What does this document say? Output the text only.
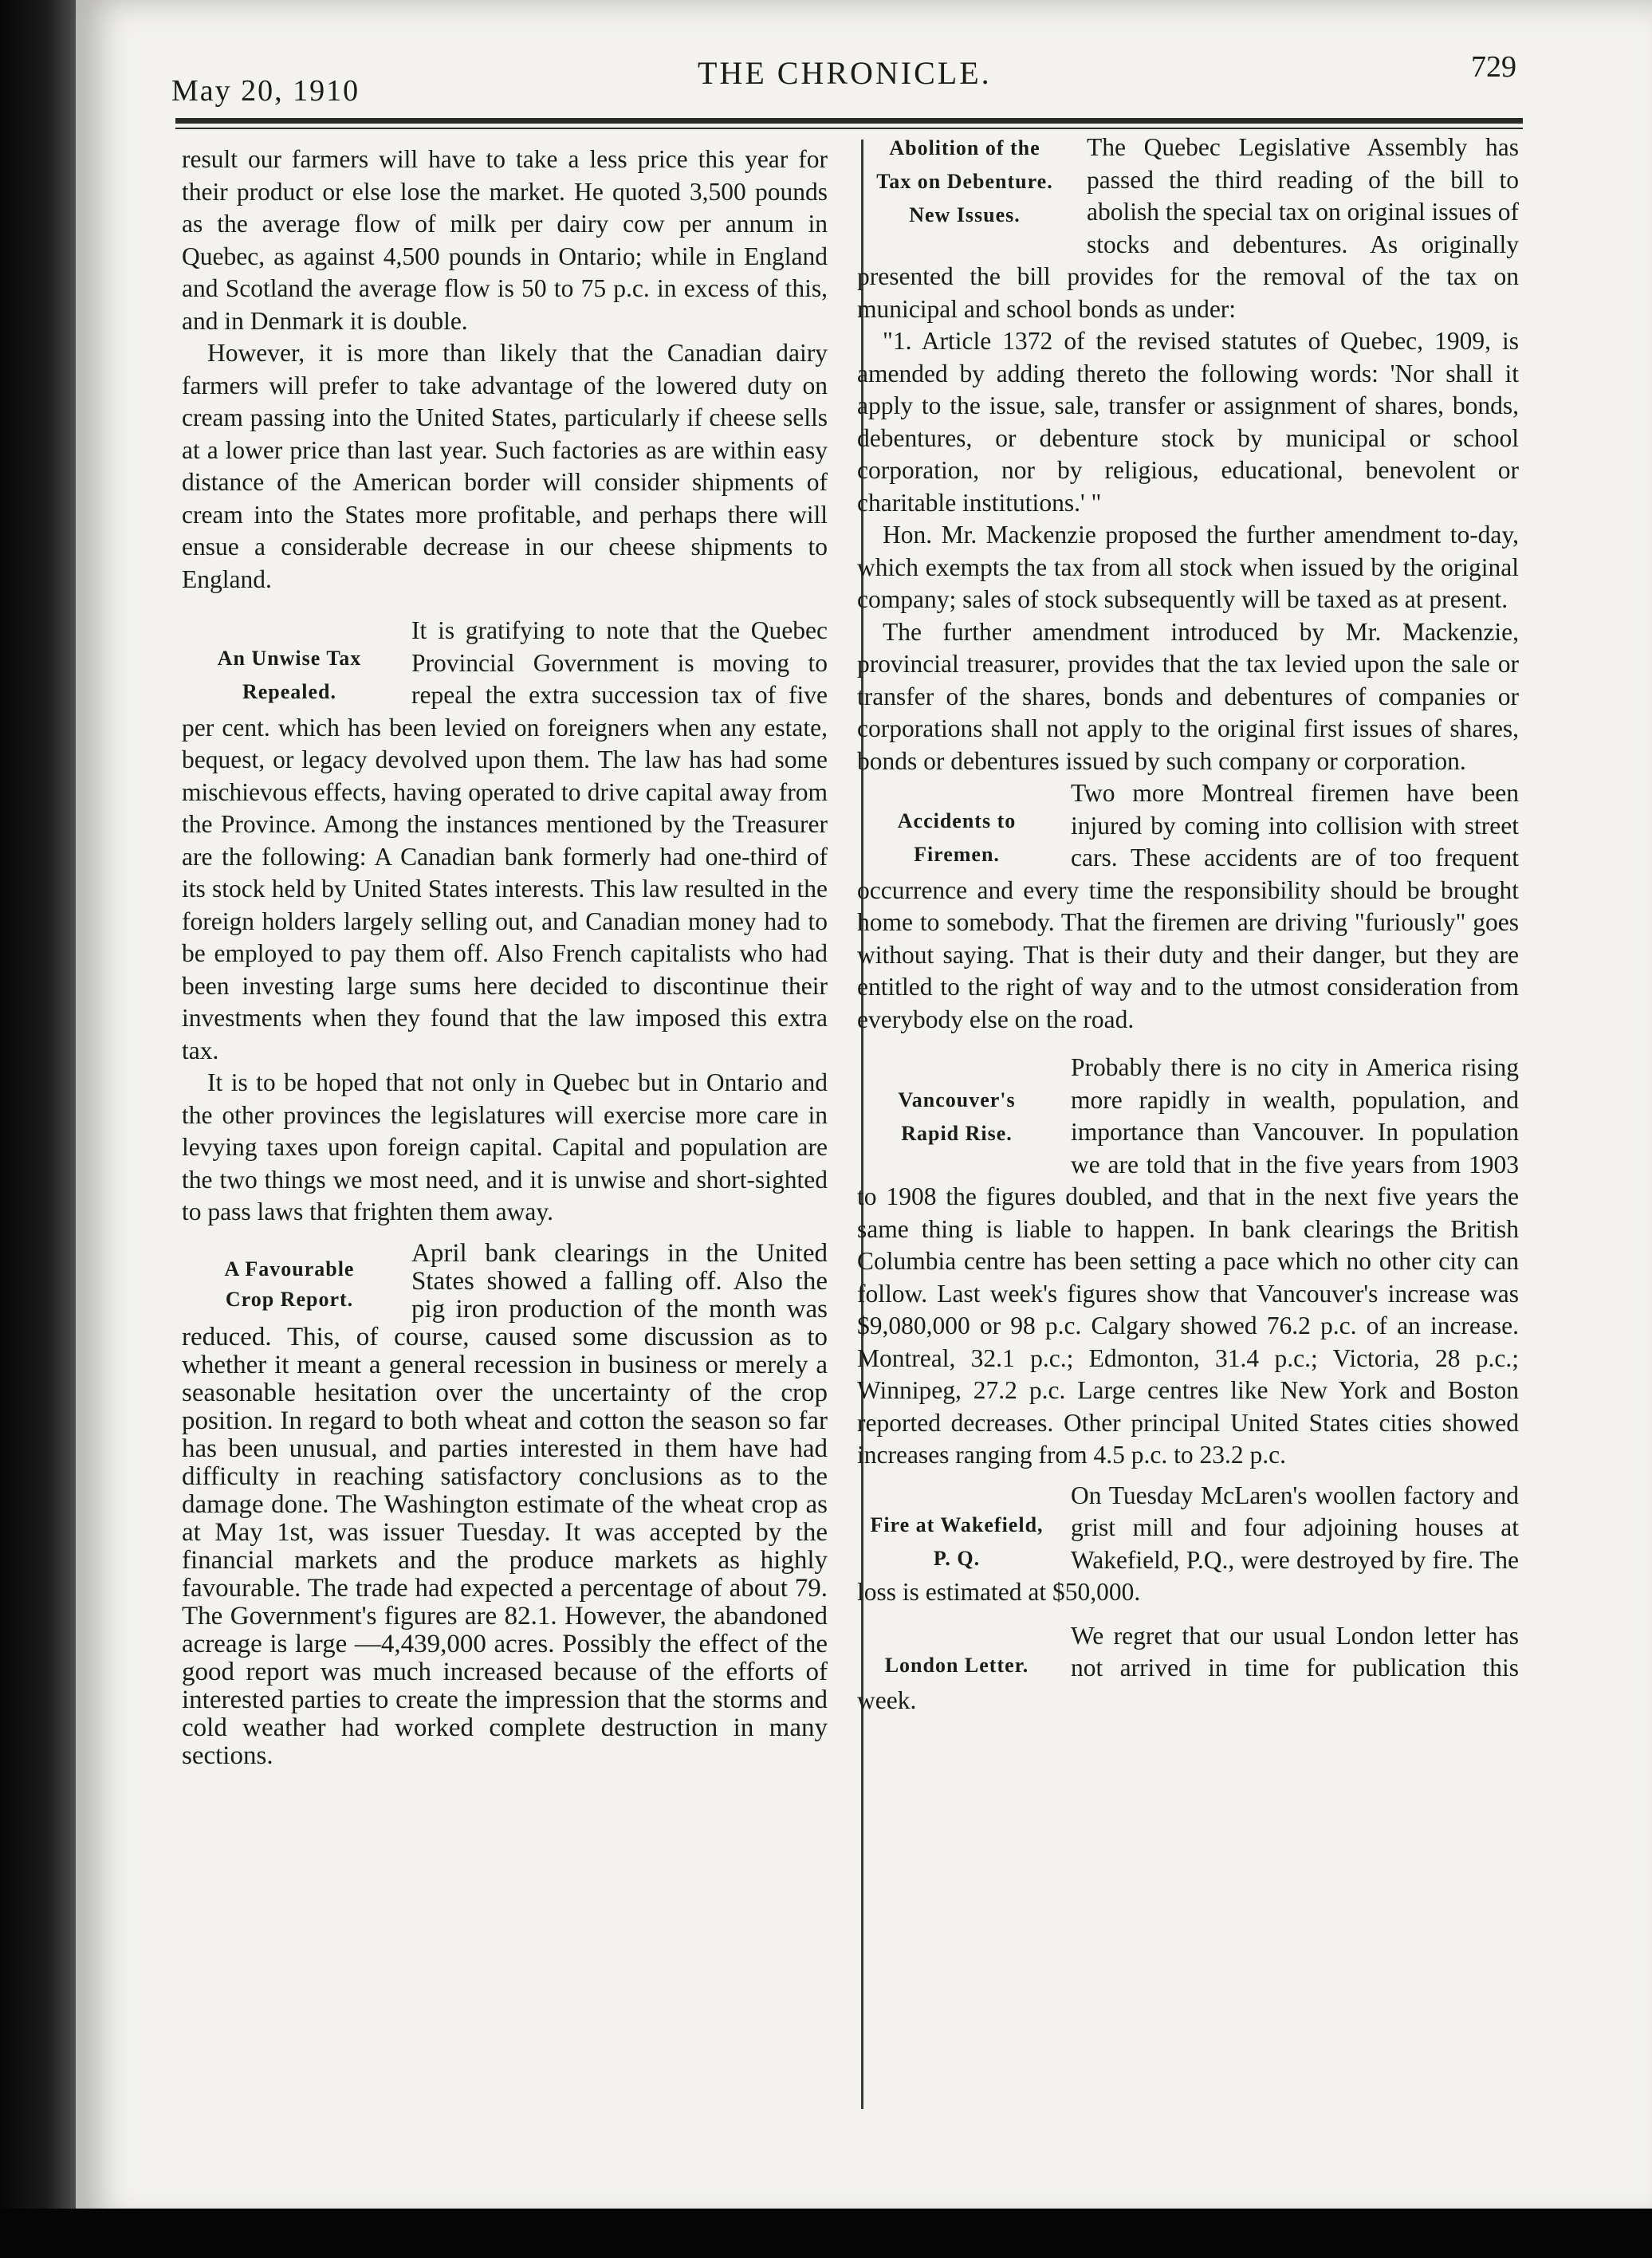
May 20, 1910	THE CHRONICLE.	729

result our farmers will have to take a less price this year for their product or else lose the market. He quoted 3,500 pounds as the average flow of milk per dairy cow per annum in Quebec, as against 4,500 pounds in Ontario; while in England and Scotland the average flow is 50 to 75 p.c. in excess of this, and in Denmark it is double.

However, it is more than likely that the Canadian dairy farmers will prefer to take advantage of the lowered duty on cream passing into the United States, particularly if cheese sells at a lower price than last year. Such factories as are within easy distance of the American border will consider shipments of cream into the States more profitable, and perhaps there will ensue a considerable decrease in our cheese shipments to England.

An Unwise Tax
Repealed.

It is gratifying to note that the Quebec Provincial Government is moving to repeal the extra succession tax of five per cent. which has been levied on foreigners when any estate, bequest, or legacy devolved upon them. The law has had some mischievous effects, having operated to drive capital away from the Province. Among the instances mentioned by the Treasurer are the following: A Canadian bank formerly had one-third of its stock held by United States interests. This law resulted in the foreign holders largely selling out, and Canadian money had to be employed to pay them off. Also French capitalists who had been investing large sums here decided to discontinue their investments when they found that the law imposed this extra tax.

It is to be hoped that not only in Quebec but in Ontario and the other provinces the legislatures will exercise more care in levying taxes upon foreign capital. Capital and population are the two things we most need, and it is unwise and short-sighted to pass laws that frighten them away.

A Favourable
Crop Report.

April bank clearings in the United States showed a falling off. Also the pig iron production of the month was reduced. This, of course, caused some discussion as to whether it meant a general recession in business or merely a seasonable hesitation over the uncertainty of the crop position. In regard to both wheat and cotton the season so far has been unusual, and parties interested in them have had difficulty in reaching satisfactory conclusions as to the damage done. The Washington estimate of the wheat crop as at May 1st, was issuer Tuesday. It was accepted by the financial markets and the produce markets as highly favourable. The trade had expected a percentage of about 79. The Government's figures are 82.1. However, the abandoned acreage is large —4,439,000 acres. Possibly the effect of the good report was much increased because of the efforts of interested parties to create the impression that the storms and cold weather had worked complete destruction in many sections.

Abolition of the
Tax on Debenture.
New Issues.

The Quebec Legislative Assembly has passed the third reading of the bill to abolish the special tax on original issues of stocks and debentures. As originally presented the bill provides for the removal of the tax on municipal and school bonds as under:

"1. Article 1372 of the revised statutes of Quebec, 1909, is amended by adding thereto the following words: 'Nor shall it apply to the issue, sale, transfer or assignment of shares, bonds, debentures, or debenture stock by municipal or school corporation, nor by religious, educational, benevolent or charitable institutions.' "

Hon. Mr. Mackenzie proposed the further amendment to-day, which exempts the tax from all stock when issued by the original company; sales of stock subsequently will be taxed as at present.

The further amendment introduced by Mr. Mackenzie, provincial treasurer, provides that the tax levied upon the sale or transfer of the shares, bonds and debentures of companies or corporations shall not apply to the original first issues of shares, bonds or debentures issued by such company or corporation.

Accidents to
Firemen.

Two more Montreal firemen have been injured by coming into collision with street cars. These accidents are of too frequent occurrence and every time the responsibility should be brought home to somebody. That the firemen are driving "furiously" goes without saying. That is their duty and their danger, but they are entitled to the right of way and to the utmost consideration from everybody else on the road.

Vancouver's
Rapid Rise.

Probably there is no city in America rising more rapidly in wealth, population, and importance than Vancouver. In population we are told that in the five years from 1903 to 1908 the figures doubled, and that in the next five years the same thing is liable to happen. In bank clearings the British Columbia centre has been setting a pace which no other city can follow. Last week's figures show that Vancouver's increase was $9,080,000 or 98 p.c. Calgary showed 76.2 p.c. of an increase. Montreal, 32.1 p.c.; Edmonton, 31.4 p.c.; Victoria, 28 p.c.; Winnipeg, 27.2 p.c. Large centres like New York and Boston reported decreases. Other principal United States cities showed increases ranging from 4.5 p.c. to 23.2 p.c.

Fire at Wakefield,
P. Q.

On Tuesday McLaren's woollen factory and grist mill and four adjoining houses at Wakefield, P.Q., were destroyed by fire. The loss is estimated at $50,000.

London Letter.

We regret that our usual London letter has not arrived in time for publication this week.
